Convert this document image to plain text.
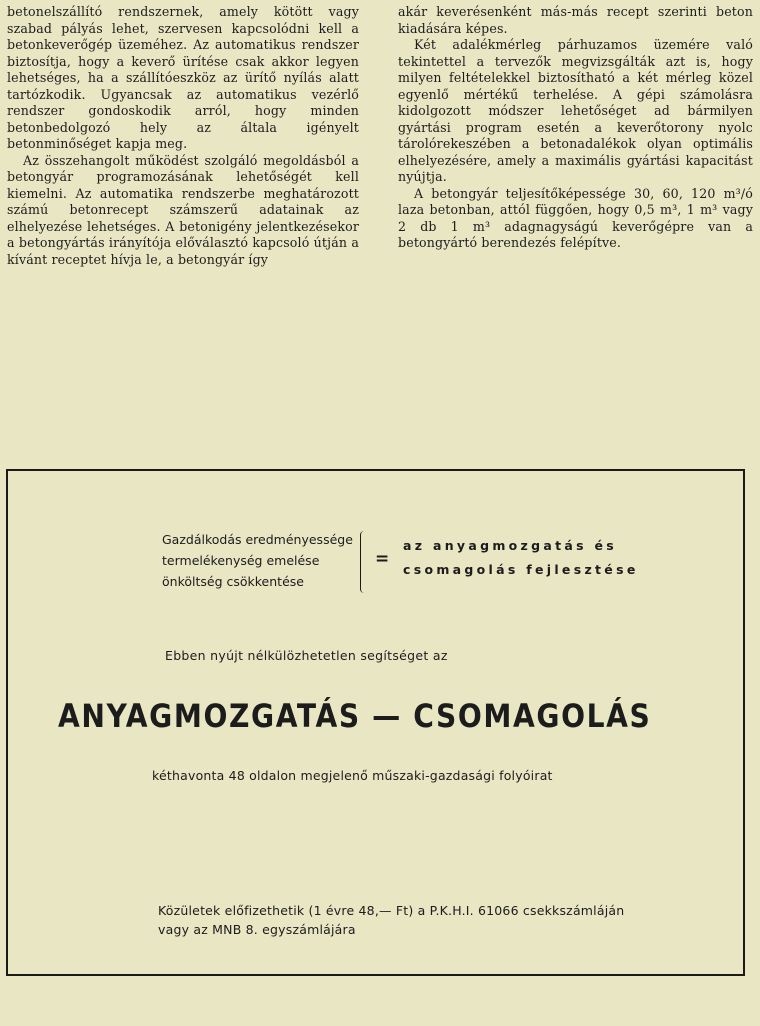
betonelszállító rendszernek, amely kötött vagy szabad pályás lehet, szervesen kapcsolódni kell a betonkeverőgép üzeméhez. Az automatikus rendszer biztosítja, hogy a keverő ürítése csak akkor legyen lehetséges, ha a szállítóeszköz az ürítő nyílás alatt tartózkodik. Ugyancsak az automatikus vezérlő rendszer gondoskodik arról, hogy minden betonbedolgozó hely az általa igényelt betonminőséget kapja meg.

Az összehangolt működést szolgáló megoldásból a betongyár programozásának lehetőségét kell kiemelni. Az automatika rendszerbe meghatározott számú betonrecept számszerű adatainak az elhelyezése lehetséges. A betonigény jelentkezésekor a betongyártás irányítója előválasztó kapcsoló útján a kívánt receptet hívja le, a betongyár így

akár keverésenként más-más recept szerinti beton kiadására képes.

Két adalékmérleg párhuzamos üzemére való tekintettel a tervezők megvizsgálták azt is, hogy milyen feltételekkel biztosítható a két mérleg közel egyenlő mértékű terhelése. A gépi számolásra kidolgozott módszer lehetőséget ad bármilyen gyártási program esetén a keverőtorony nyolc tárolórekeszében a betonadalékok olyan optimális elhelyezésére, amely a maximális gyártási kapacitást nyújtja.

A betongyár teljesítőképessége 30, 60, 120 m³/ó laza betonban, attól függően, hogy 0,5 m³, 1 m³ vagy 2 db 1 m³ adagnagyságú keverőgépre van a betongyártó berendezés felépítve.

Gazdálkodás eredményessége
termelékenység emelése
önköltség csökkentése
=
az anyagmozgatás és
csomagolás fejlesztése
Ebben nyújt nélkülözhetetlen segítséget az
ANYAGMOZGATÁS — CSOMAGOLÁS
kéthavonta 48 oldalon megjelenő műszaki-gazdasági folyóirat
Közületek előfizethetik (1 évre 48,— Ft) a P.K.H.I. 61066 csekkszámláján
vagy az MNB 8. egyszámlájára
